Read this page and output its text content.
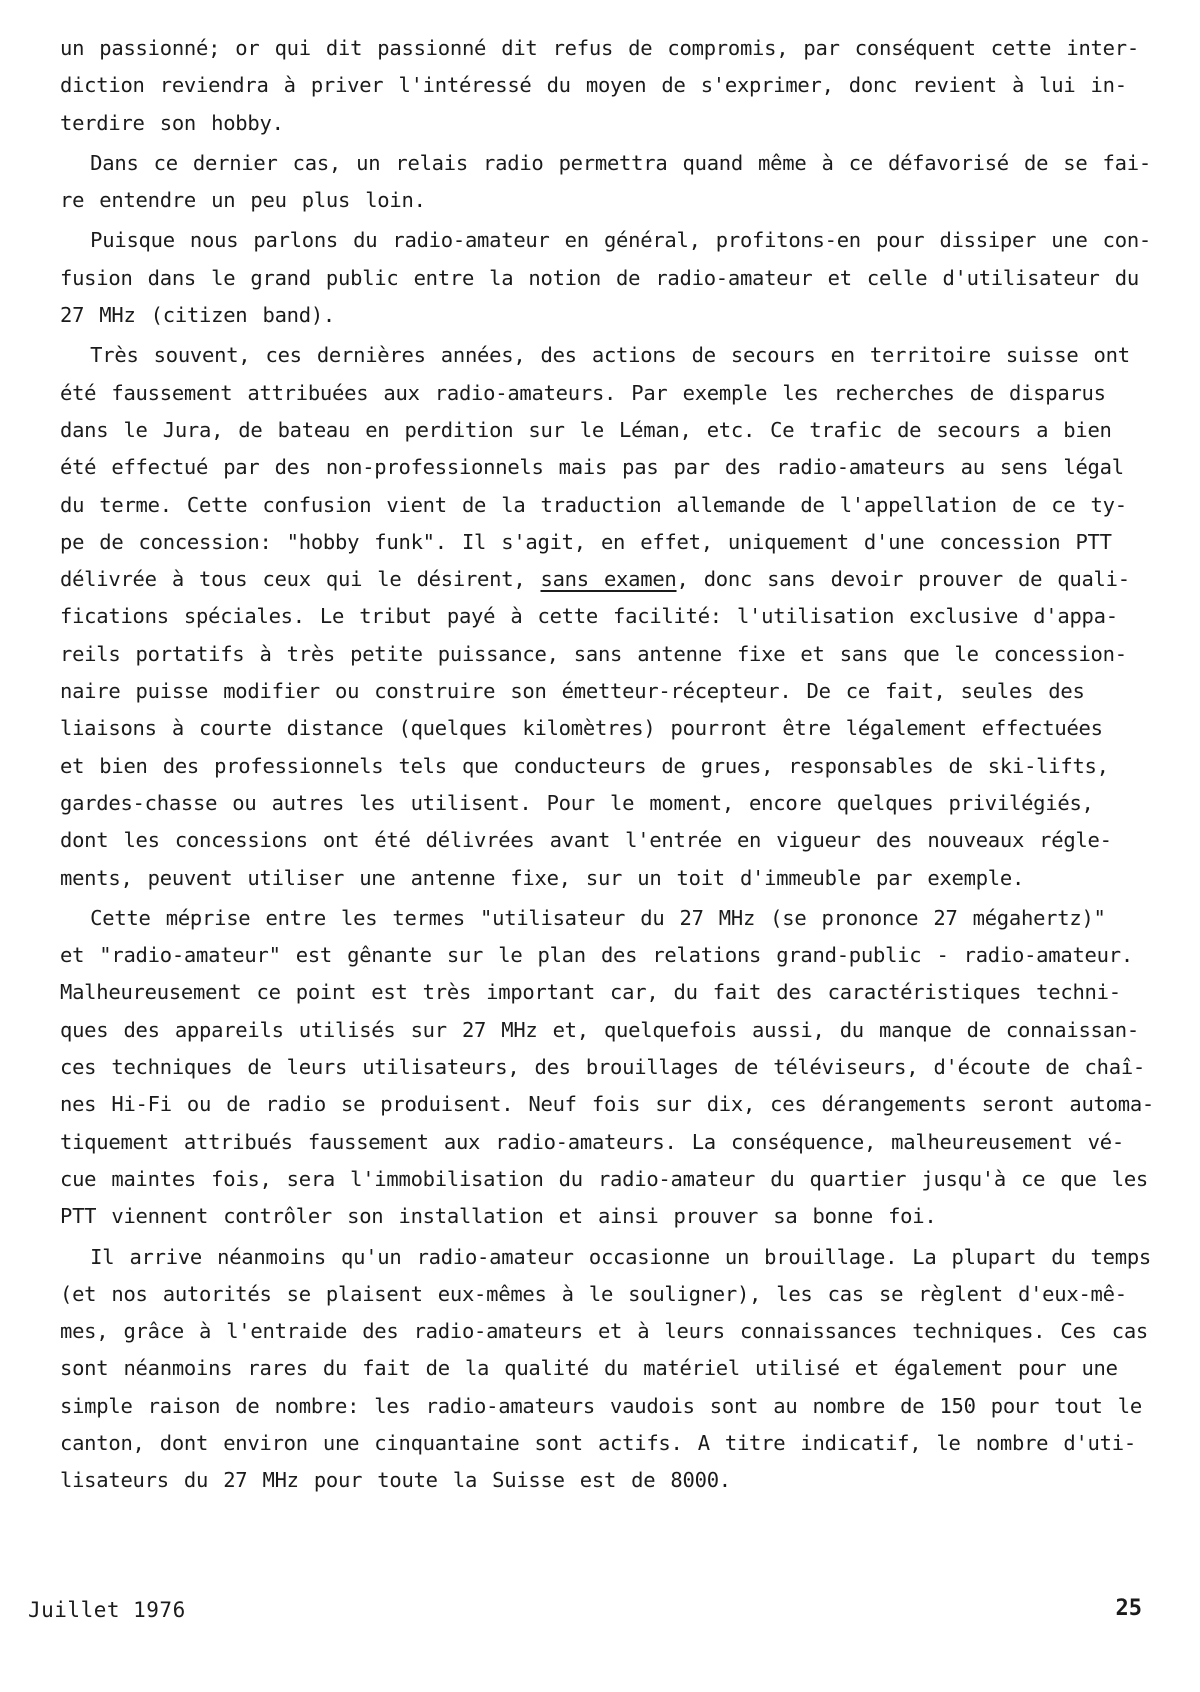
un passionné; or qui dit passionné dit refus de compromis, par conséquent cette inter-
diction reviendra à priver l'intéressé du moyen de s'exprimer, donc revient à lui in-
terdire son hobby.
Dans ce dernier cas, un relais radio permettra quand même à ce défavorisé de se fai-
re entendre un peu plus loin.
Puisque nous parlons du radio-amateur en général, profitons-en pour dissiper une con-
fusion dans le grand public entre la notion de radio-amateur et celle d'utilisateur du
27 MHz (citizen band).
Très souvent, ces dernières années, des actions de secours en territoire suisse ont
été faussement attribuées aux radio-amateurs. Par exemple les recherches de disparus
dans le Jura, de bateau en perdition sur le Léman, etc. Ce trafic de secours a bien
été effectué par des non-professionnels mais pas par des radio-amateurs au sens légal
du terme. Cette confusion vient de la traduction allemande de l'appellation de ce ty-
pe de concession: "hobby funk". Il s'agit, en effet, uniquement d'une concession PTT
délivrée à tous ceux qui le désirent, sans examen, donc sans devoir prouver de quali-
fications spéciales. Le tribut payé à cette facilité: l'utilisation exclusive d'appa-
reils portatifs à très petite puissance, sans antenne fixe et sans que le concession-
naire puisse modifier ou construire son émetteur-récepteur. De ce fait, seules des
liaisons à courte distance (quelques kilomètres) pourront être légalement effectuées
et bien des professionnels tels que conducteurs de grues, responsables de ski-lifts,
gardes-chasse ou autres les utilisent. Pour le moment, encore quelques privilégiés,
dont les concessions ont été délivrées avant l'entrée en vigueur des nouveaux régle-
ments, peuvent utiliser une antenne fixe, sur un toit d'immeuble par exemple.
Cette méprise entre les termes "utilisateur du 27 MHz (se prononce 27 mégahertz)"
et "radio-amateur" est gênante sur le plan des relations grand-public - radio-amateur.
Malheureusement ce point est très important car, du fait des caractéristiques techni-
ques des appareils utilisés sur 27 MHz et, quelquefois aussi, du manque de connaissan-
ces techniques de leurs utilisateurs, des brouillages de téléviseurs, d'écoute de chaî-
nes Hi-Fi ou de radio se produisent. Neuf fois sur dix, ces dérangements seront automa-
tiquement attribués faussement aux radio-amateurs. La conséquence, malheureusement vé-
cue maintes fois, sera l'immobilisation du radio-amateur du quartier jusqu'à ce que les
PTT viennent contrôler son installation et ainsi prouver sa bonne foi.
Il arrive néanmoins qu'un radio-amateur occasionne un brouillage. La plupart du temps
(et nos autorités se plaisent eux-mêmes à le souligner), les cas se règlent d'eux-mê-
mes, grâce à l'entraide des radio-amateurs et à leurs connaissances techniques. Ces cas
sont néanmoins rares du fait de la qualité du matériel utilisé et également pour une
simple raison de nombre: les radio-amateurs vaudois sont au nombre de 150 pour tout le
canton, dont environ une cinquantaine sont actifs. A titre indicatif, le nombre d'uti-
lisateurs du 27 MHz pour toute la Suisse est de 8000.
Juillet 1976	25
